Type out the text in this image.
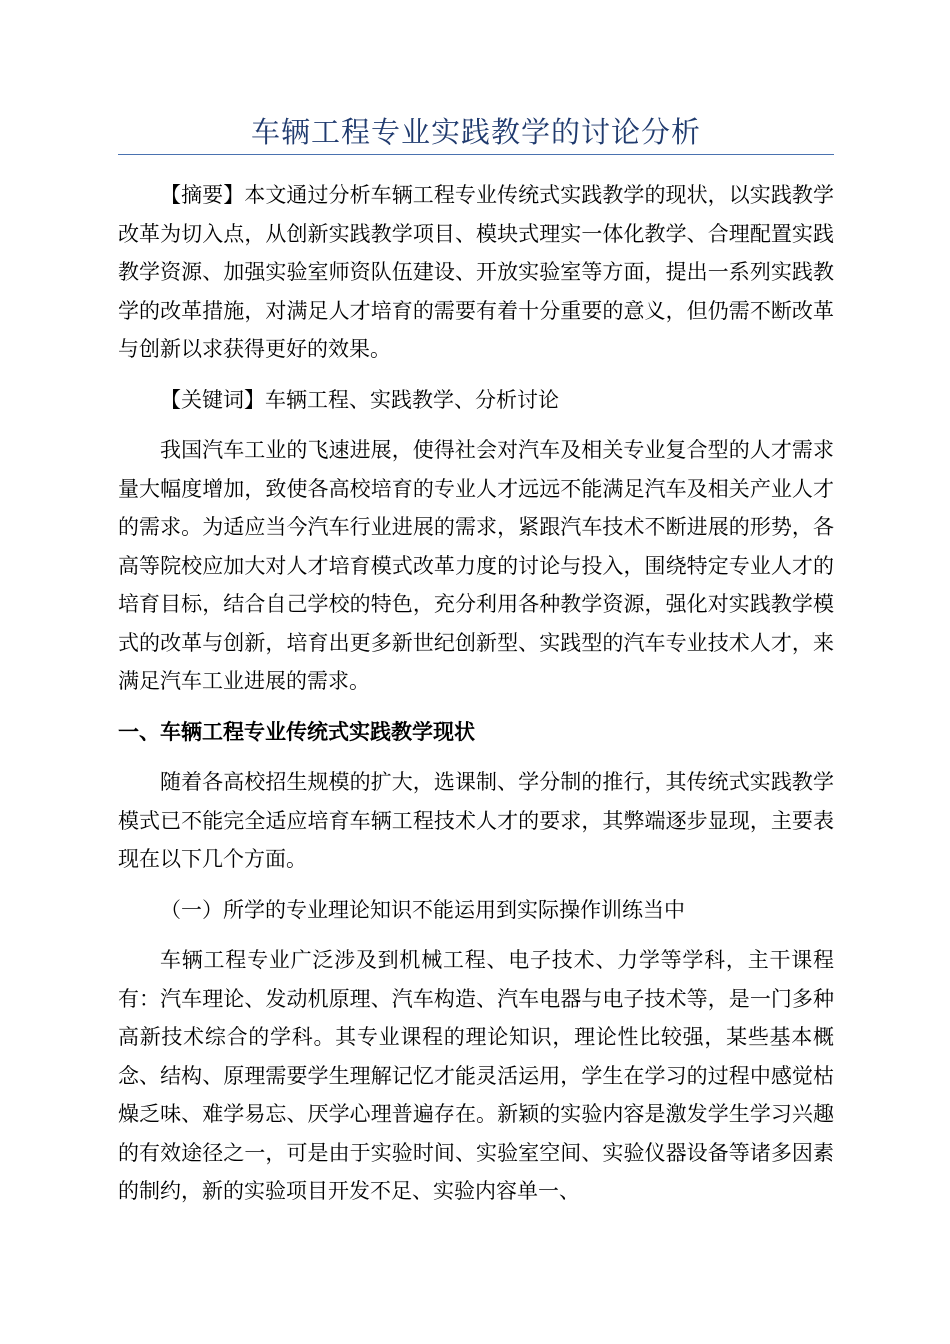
车辆工程专业实践教学的讨论分析

【摘要】本文通过分析车辆工程专业传统式实践教学的现状，以实践教学改革为切入点，从创新实践教学项目、模块式理实一体化教学、合理配置实践教学资源、加强实验室师资队伍建设、开放实验室等方面，提出一系列实践教学的改革措施，对满足人才培育的需要有着十分重要的意义，但仍需不断改革与创新以求获得更好的效果。

【关键词】车辆工程、实践教学、分析讨论

我国汽车工业的飞速进展，使得社会对汽车及相关专业复合型的人才需求量大幅度增加，致使各高校培育的专业人才远远不能满足汽车及相关产业人才的需求。为适应当今汽车行业进展的需求，紧跟汽车技术不断进展的形势，各高等院校应加大对人才培育模式改革力度的讨论与投入，围绕特定专业人才的培育目标，结合自己学校的特色，充分利用各种教学资源，强化对实践教学模式的改革与创新，培育出更多新世纪创新型、实践型的汽车专业技术人才，来满足汽车工业进展的需求。

一、车辆工程专业传统式实践教学现状

随着各高校招生规模的扩大，选课制、学分制的推行，其传统式实践教学模式已不能完全适应培育车辆工程技术人才的要求，其弊端逐步显现，主要表现在以下几个方面。

（一）所学的专业理论知识不能运用到实际操作训练当中

车辆工程专业广泛涉及到机械工程、电子技术、力学等学科，主干课程有：汽车理论、发动机原理、汽车构造、汽车电器与电子技术等，是一门多种高新技术综合的学科。其专业课程的理论知识，理论性比较强，某些基本概念、结构、原理需要学生理解记忆才能灵活运用，学生在学习的过程中感觉枯燥乏味、难学易忘、厌学心理普遍存在。新颖的实验内容是激发学生学习兴趣的有效途径之一，可是由于实验时间、实验室空间、实验仪器设备等诸多因素的制约，新的实验项目开发不足、实验内容单一、
